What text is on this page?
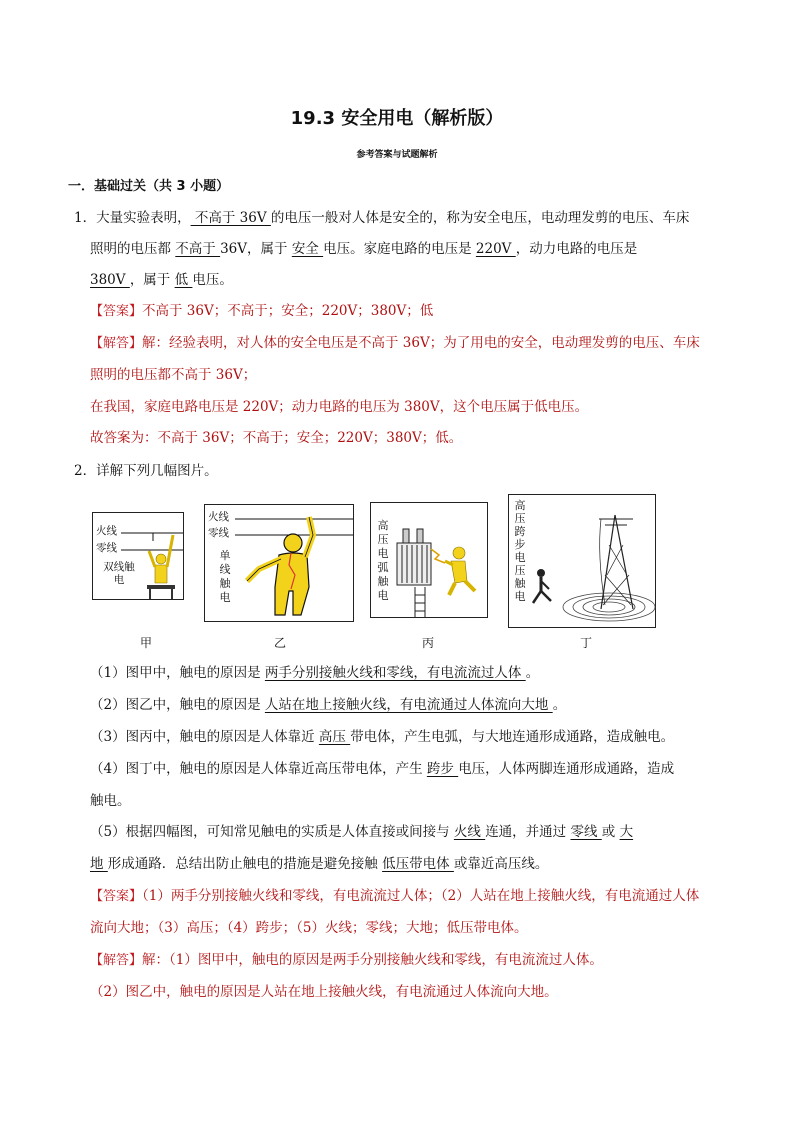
19.3 安全用电（解析版）
参考答案与试题解析
一．基础过关（共 3 小题）
1．大量实验表明， 不高于 36V 的电压一般对人体是安全的，称为安全电压，电动理发剪的电压、车床
照明的电压都 不高于 36V，属于 安全 电压。家庭电路的电压是 220V ，动力电路的电压是
380V ，属于 低 电压。
【答案】不高于 36V；不高于；安全；220V；380V；低
【解答】解：经验表明，对人体的安全电压是不高于 36V；为了用电的安全，电动理发剪的电压、车床
照明的电压都不高于 36V；
在我国，家庭电路电压是 220V；动力电路的电压为 380V，这个电压属于低电压。
故答案为：不高于 36V；不高于；安全；220V；380V；低。
2．详解下列几幅图片。
火线
零线
双线触电
火线
零线
单线触电
高压电弧触电
高压跨步电压触电
甲	乙	丙	丁
（1）图甲中，触电的原因是 两手分别接触火线和零线，有电流流过人体 。
（2）图乙中，触电的原因是 人站在地上接触火线，有电流通过人体流向大地 。
（3）图丙中，触电的原因是人体靠近 高压 带电体，产生电弧，与大地连通形成通路，造成触电。
（4）图丁中，触电的原因是人体靠近高压带电体，产生 跨步 电压，人体两脚连通形成通路，造成
触电。
（5）根据四幅图，可知常见触电的实质是人体直接或间接与 火线 连通，并通过 零线 或 大
地 形成通路．总结出防止触电的措施是避免接触 低压带电体 或靠近高压线。
【答案】（1）两手分别接触火线和零线，有电流流过人体；（2）人站在地上接触火线，有电流通过人体
流向大地；（3）高压；（4）跨步；（5）火线；零线；大地；低压带电体。
【解答】解：（1）图甲中，触电的原因是两手分别接触火线和零线，有电流流过人体。
（2）图乙中，触电的原因是人站在地上接触火线，有电流通过人体流向大地。
